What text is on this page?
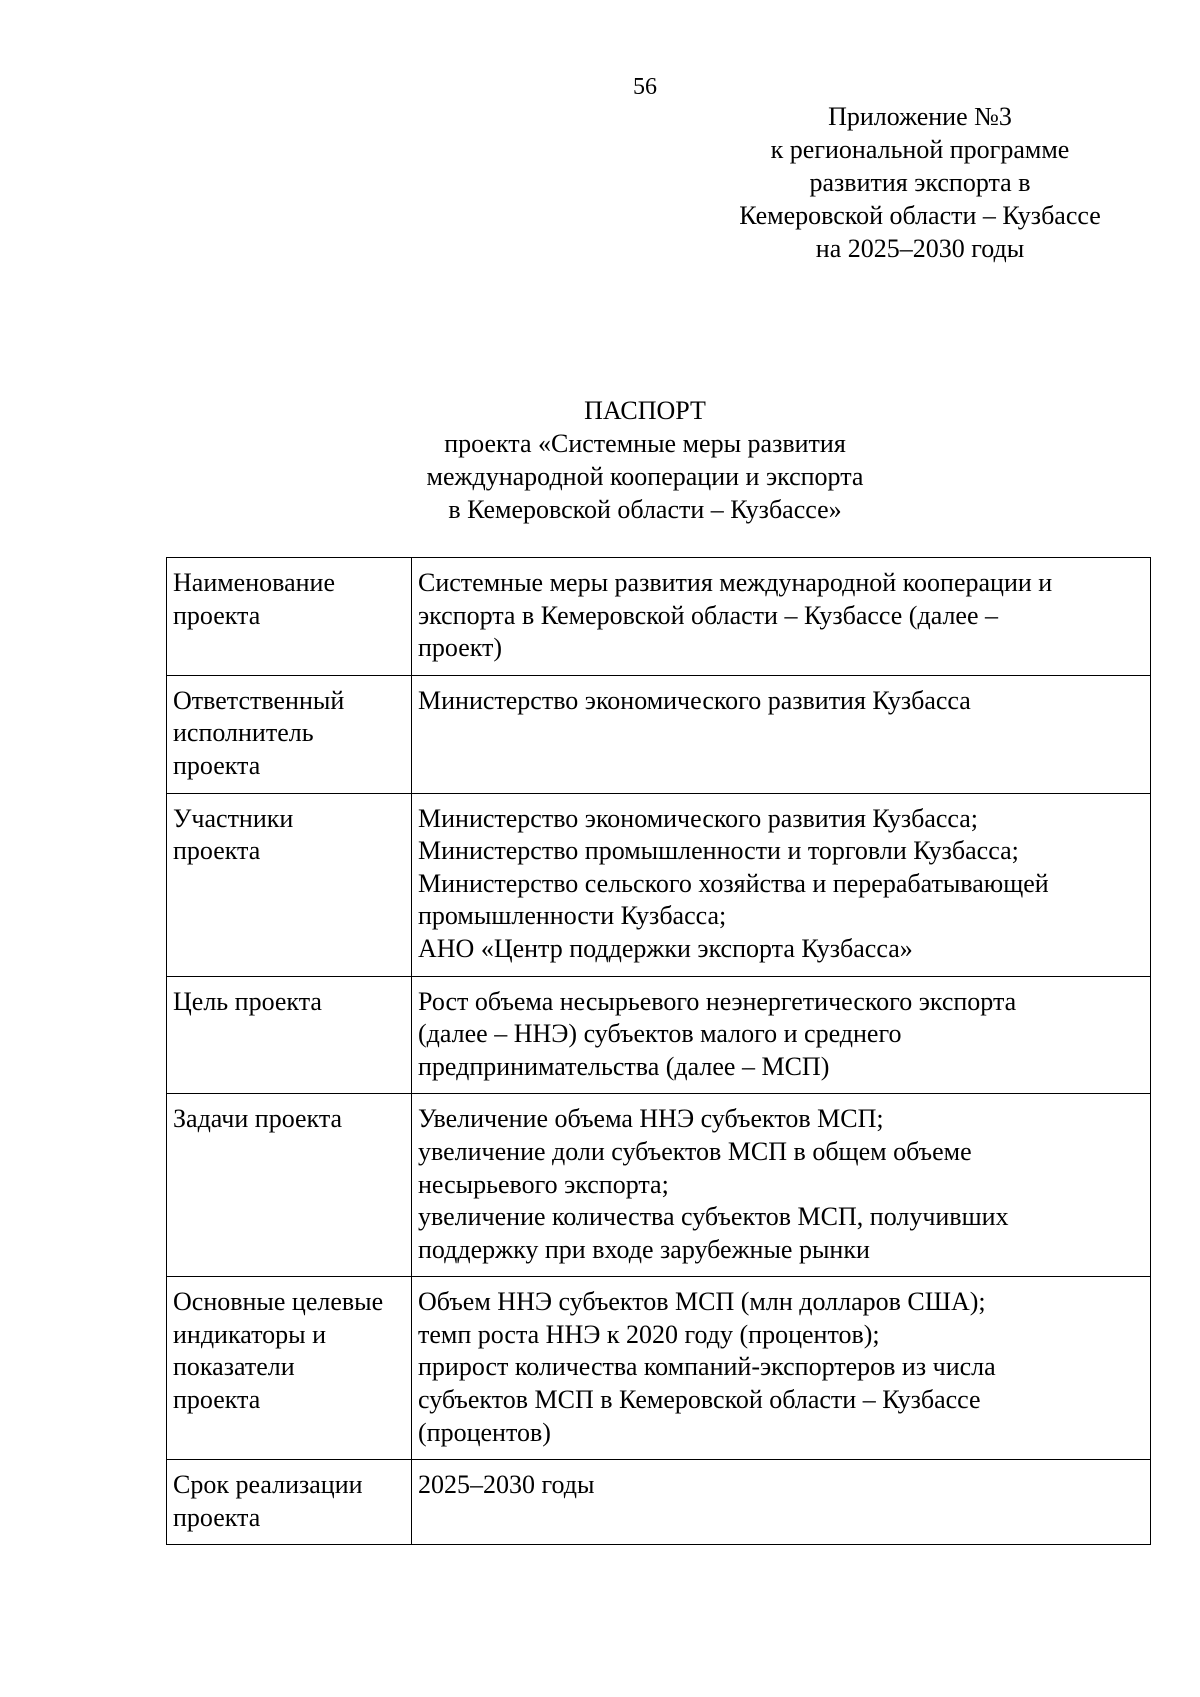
56
Приложение №3
к региональной программе
развития экспорта в
Кемеровской области – Кузбассе
на 2025–2030 годы
ПАСПОРТ
проекта «Системные меры развития
международной кооперации и экспорта
в Кемеровской области – Кузбассе»
Наименование
проекта	Системные меры развития международной кооперации и
экспорта в Кемеровской области – Кузбассе (далее –
проект)

Ответственный
исполнитель
проекта	Министерство экономического развития Кузбасса

Участники
проекта	Министерство экономического развития Кузбасса;
Министерство промышленности и торговли Кузбасса;
Министерство сельского хозяйства и перерабатывающей
промышленности Кузбасса;
АНО «Центр поддержки экспорта Кузбасса»

Цель проекта	Рост объема несырьевого неэнергетического экспорта
(далее – ННЭ) субъектов малого и среднего
предпринимательства (далее – МСП)

Задачи проекта	Увеличение объема ННЭ субъектов МСП;
увеличение доли субъектов МСП в общем объеме
несырьевого экспорта;
увеличение количества субъектов МСП, получивших
поддержку при входе зарубежные рынки

Основные целевые
индикаторы и
показатели
проекта	Объем ННЭ субъектов МСП (млн долларов США);
темп роста ННЭ к 2020 году (процентов);
прирост количества компаний-экспортеров из числа
субъектов МСП в Кемеровской области – Кузбассе
(процентов)

Срок реализации
проекта	2025–2030 годы
